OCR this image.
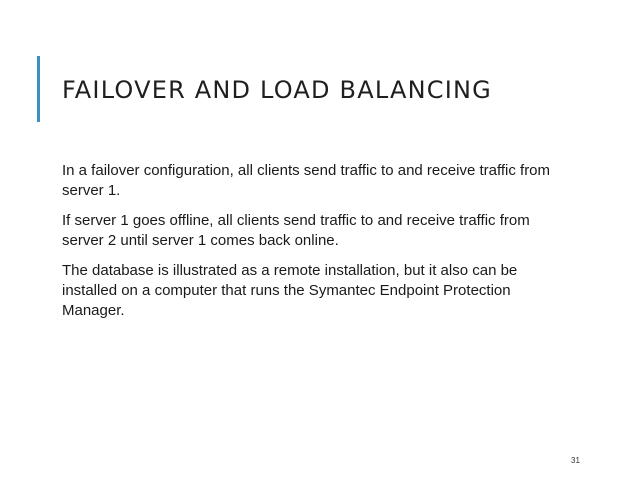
FAILOVER AND LOAD BALANCING
In a failover configuration, all clients send traffic to and receive traffic from server 1.
If server 1 goes offline, all clients send traffic to and receive traffic from server 2 until server 1 comes back online.
The database is illustrated as a remote installation, but it also can be installed on a computer that runs the Symantec Endpoint Protection Manager.
31
